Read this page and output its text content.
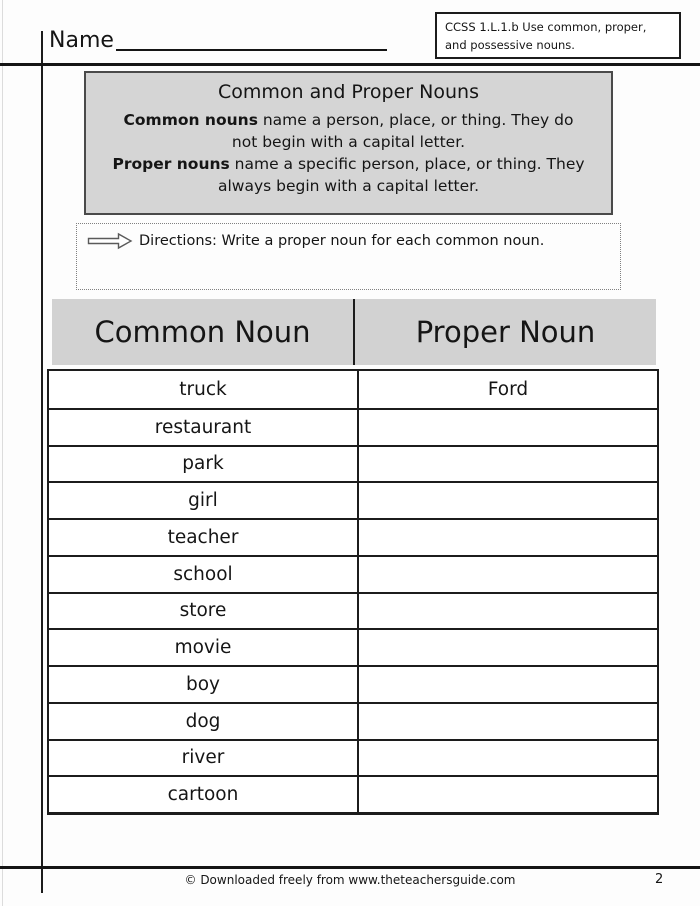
Name
CCSS 1.L.1.b Use common, proper, and possessive nouns.
Common and Proper Nouns

Common nouns name a person, place, or thing. They do not begin with a capital letter.
Proper nouns name a specific person, place, or thing. They always begin with a capital letter.

Directions: Write a proper noun for each common noun.
Common Noun	Proper Noun
truck	Ford
restaurant
park
girl
teacher
school
store
movie
boy
dog
river
cartoon
© Downloaded freely from www.theteachersguide.com	2
